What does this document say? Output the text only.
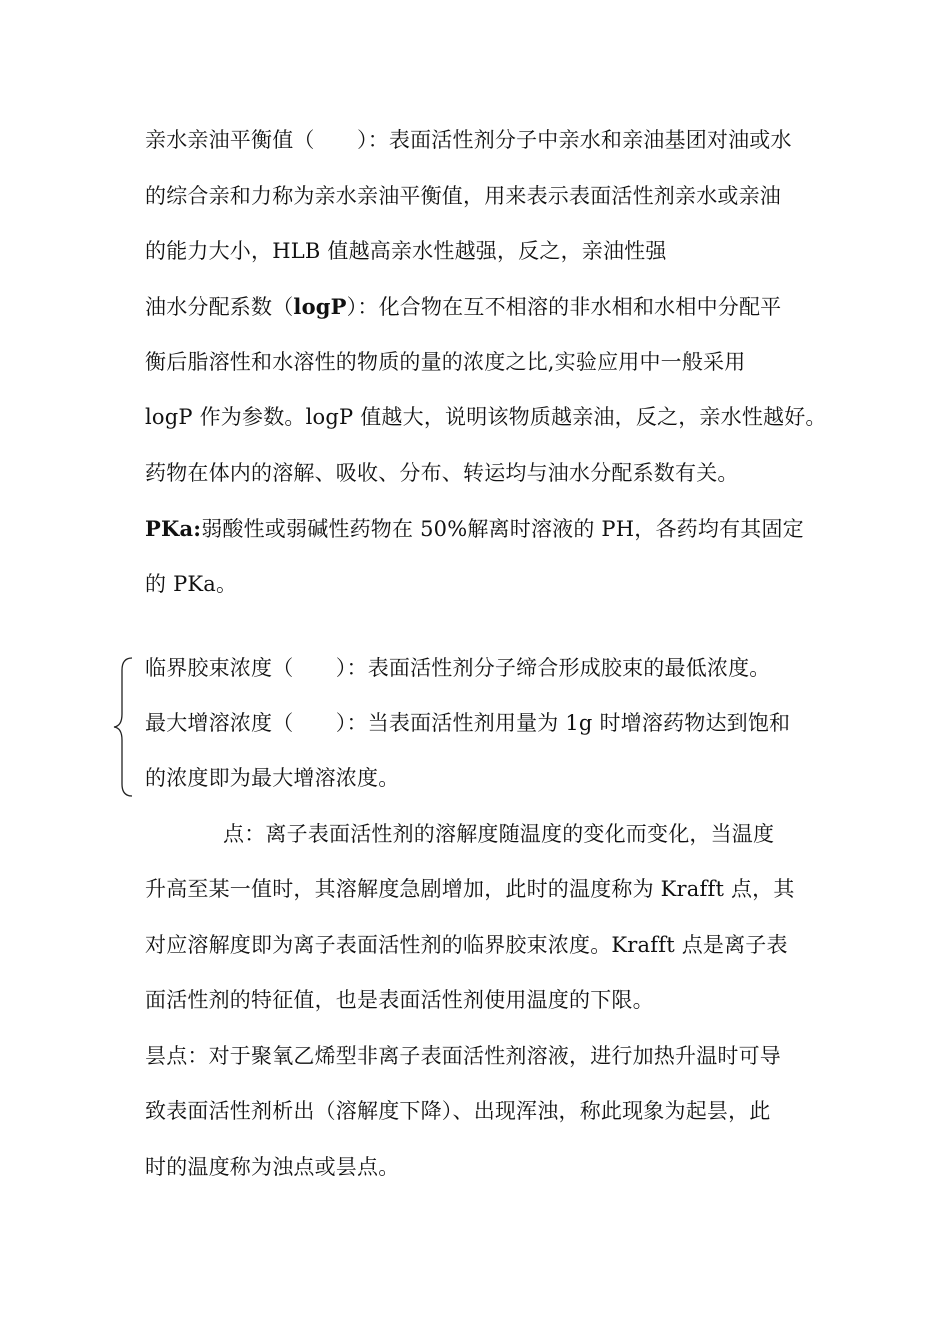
亲水亲油平衡值（　　）：表面活性剂分子中亲水和亲油基团对油或水
的综合亲和力称为亲水亲油平衡值，用来表示表面活性剂亲水或亲油
的能力大小，HLB 值越高亲水性越强，反之，亲油性强
油水分配系数（logP）：化合物在互不相溶的非水相和水相中分配平
衡后脂溶性和水溶性的物质的量的浓度之比,实验应用中一般采用
logP 作为参数。logP 值越大，说明该物质越亲油，反之，亲水性越好。
药物在体内的溶解、吸收、分布、转运均与油水分配系数有关。
PKa:弱酸性或弱碱性药物在 50%解离时溶液的 PH，各药均有其固定
的 PKa。
临界胶束浓度（　　）：表面活性剂分子缔合形成胶束的最低浓度。
最大增溶浓度（　　）：当表面活性剂用量为 1g 时增溶药物达到饱和
的浓度即为最大增溶浓度。
点：离子表面活性剂的溶解度随温度的变化而变化，当温度
升高至某一值时，其溶解度急剧增加，此时的温度称为 Krafft 点，其
对应溶解度即为离子表面活性剂的临界胶束浓度。Krafft 点是离子表
面活性剂的特征值，也是表面活性剂使用温度的下限。
昙点：对于聚氧乙烯型非离子表面活性剂溶液，进行加热升温时可导
致表面活性剂析出（溶解度下降）、出现浑浊，称此现象为起昙，此
时的温度称为浊点或昙点。
